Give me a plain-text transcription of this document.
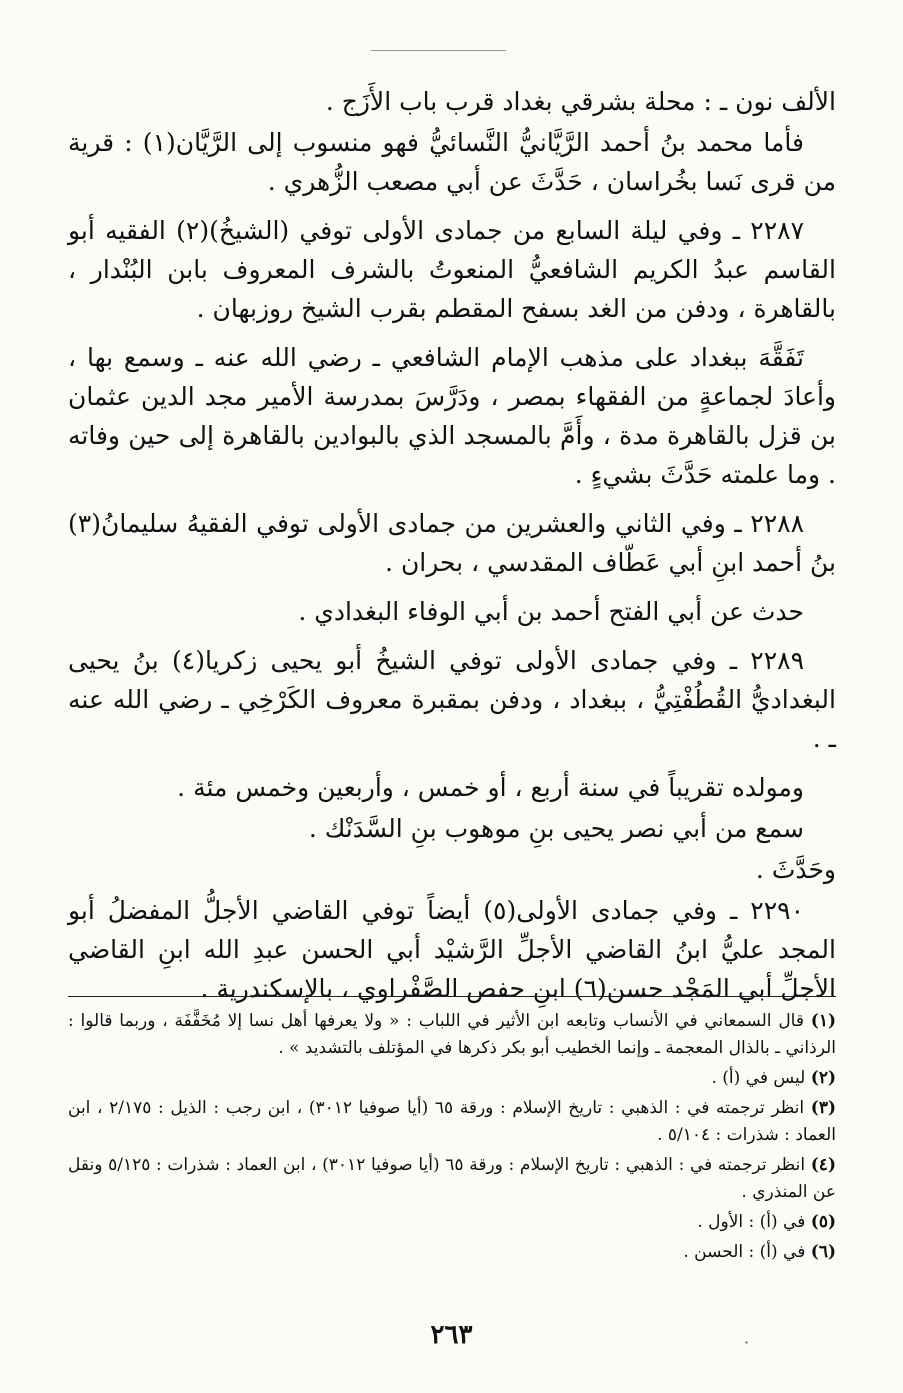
الألف نون ـ : محلة بشرقي بغداد قرب باب الأَزَج .

فأما محمد بنُ أحمد الرَّيَّانيُّ النَّسائيُّ فهو منسوب إلى الرَّيَّان(١) : قرية من قرى نَسا بخُراسان ، حَدَّثَ عن أبي مصعب الزُّهري .

٢٢٨٧ ـ وفي ليلة السابع من جمادى الأولى توفي (الشيخُ)(٢) الفقيه أبو القاسم عبدُ الكريم الشافعيُّ المنعوتُ بالشرف المعروف بابن البُنْدار ، بالقاهرة ، ودفن من الغد بسفح المقطم بقرب الشيخ روزبهان .

تَفَقَّهَ ببغداد على مذهب الإمام الشافعي ـ رضي الله عنه ـ وسمع بها ، وأعادَ لجماعةٍ من الفقهاء بمصر ، ودَرَّسَ بمدرسة الأمير مجد الدين عثمان بن قزل بالقاهرة مدة ، وأَمَّ بالمسجد الذي بالبوادين بالقاهرة إلى حين وفاته . وما علمته حَدَّثَ بشيءٍ .

٢٢٨٨ ـ وفي الثاني والعشرين من جمادى الأولى توفي الفقيهُ سليمانُ(٣) بنُ أحمد ابنِ أبي عَطّاف المقدسي ، بحران .

حدث عن أبي الفتح أحمد بن أبي الوفاء البغدادي .

٢٢٨٩ ـ وفي جمادى الأولى توفي الشيخُ أبو يحيى زكريا(٤) بنُ يحيى البغداديُّ القُطُفْتِيُّ ، ببغداد ، ودفن بمقبرة معروف الكَرْخِي ـ رضي الله عنه ـ .

ومولده تقريباً في سنة أربع ، أو خمس ، وأربعين وخمس مئة .

سمع من أبي نصر يحيى بنِ موهوب بنِ السَّدَنْك .

وحَدَّثَ .

٢٢٩٠ ـ وفي جمادى الأولى(٥) أيضاً توفي القاضي الأجلُّ المفضلُ أبو المجد عليُّ ابنُ القاضي الأجلِّ الرَّشيْد أبي الحسن عبدِ الله ابنِ القاضي الأجلِّ أبي المَجْد حسن(٦) ابنِ حفص الصَّفْراوي ، بالإسكندرية .

(١) قال السمعاني في الأنساب وتابعه ابن الأثير في اللباب : « ولا يعرفها أهل نسا إلا مُخَفَّفَة ، وربما قالوا : الرذاني ـ بالذال المعجمة ـ وإنما الخطيب أبو بكر ذكرها في المؤتلف بالتشديد » .

(٢) ليس في (أ) .

(٣) انظر ترجمته في : الذهبي : تاريخ الإسلام : ورقة ٦٥ (أيا صوفيا ٣٠١٢) ، ابن رجب : الذيل : ٢/١٧٥ ، ابن العماد : شذرات : ٥/١٠٤ .

(٤) انظر ترجمته في : الذهبي : تاريخ الإسلام : ورقة ٦٥ (أيا صوفيا ٣٠١٢) ، ابن العماد : شذرات : ٥/١٢٥ ونقل عن المنذري .

(٥) في (أ) : الأول .

(٦) في (أ) : الحسن .

٢٦٣	·
